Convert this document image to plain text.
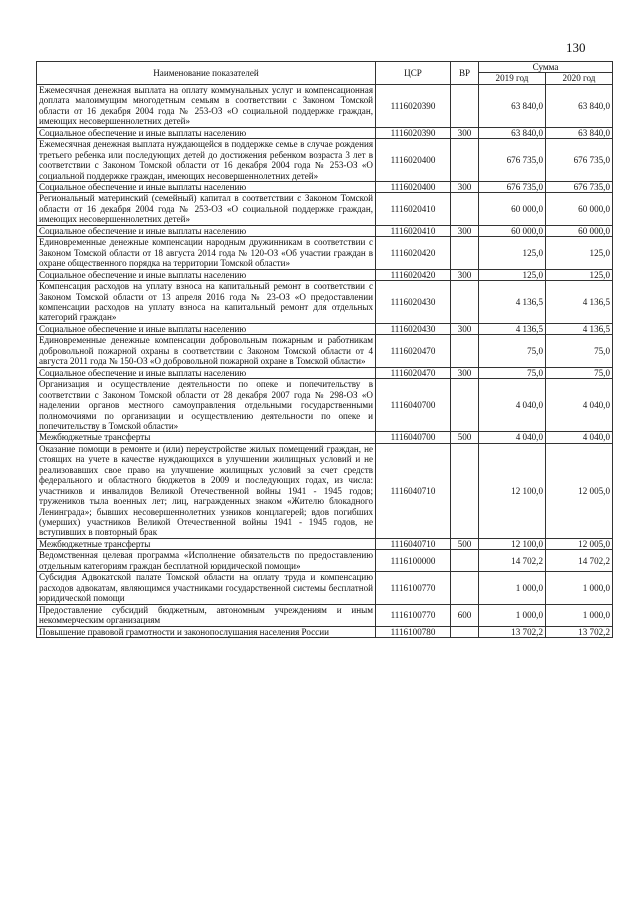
130
Наименование показателей	ЦСР	ВР	Сумма	
			2019 год	2020 год
Ежемесячная денежная выплата на оплату коммунальных услуг и компенсационная доплата малоимущим многодетным семьям в соответствии с Законом Томской области от 16 декабря 2004 года № 253-ОЗ «О социальной поддержке граждан, имеющих несовершеннолетних детей»	1116020390		63 840,0	63 840,0
Социальное обеспечение и иные выплаты населению	1116020390	300	63 840,0	63 840,0
Ежемесячная денежная выплата нуждающейся в поддержке семье в случае рождения третьего ребенка или последующих детей до достижения ребенком возраста 3 лет в соответствии с Законом Томской области от 16 декабря 2004 года № 253-ОЗ «О социальной поддержке граждан, имеющих несовершеннолетних детей»	1116020400		676 735,0	676 735,0
Социальное обеспечение и иные выплаты населению	1116020400	300	676 735,0	676 735,0
Региональный материнский (семейный) капитал в соответствии с Законом Томской области от 16 декабря 2004 года № 253-ОЗ «О социальной поддержке граждан, имеющих несовершеннолетних детей»	1116020410		60 000,0	60 000,0
Социальное обеспечение и иные выплаты населению	1116020410	300	60 000,0	60 000,0
Единовременные денежные компенсации народным дружинникам в соответствии с Законом Томской области от 18 августа 2014 года № 120-ОЗ «Об участии граждан в охране общественного порядка на территории Томской области»	1116020420		125,0	125,0
Социальное обеспечение и иные выплаты населению	1116020420	300	125,0	125,0
Компенсация расходов на уплату взноса на капитальный ремонт в соответствии с Законом Томской области от 13 апреля 2016 года № 23-ОЗ «О предоставлении компенсации расходов на уплату взноса на капитальный ремонт для отдельных категорий граждан»	1116020430		4 136,5	4 136,5
Социальное обеспечение и иные выплаты населению	1116020430	300	4 136,5	4 136,5
Единовременные денежные компенсации добровольным пожарным и работникам добровольной пожарной охраны в соответствии с Законом Томской области от 4 августа 2011 года № 150-ОЗ «О добровольной пожарной охране в Томской области»	1116020470		75,0	75,0
Социальное обеспечение и иные выплаты населению	1116020470	300	75,0	75,0
Организация и осуществление деятельности по опеке и попечительству в соответствии с Законом Томской области от 28 декабря 2007 года № 298-ОЗ «О наделении органов местного самоуправления отдельными государственными полномочиями по организации и осуществлению деятельности по опеке и попечительству в Томской области»	1116040700		4 040,0	4 040,0
Межбюджетные трансферты	1116040700	500	4 040,0	4 040,0
Оказание помощи в ремонте и (или) переустройстве жилых помещений граждан, не стоящих на учете в качестве нуждающихся в улучшении жилищных условий и не реализовавших свое право на улучшение жилищных условий за счет средств федерального и областного бюджетов в 2009 и последующих годах, из числа: участников и инвалидов Великой Отечественной войны 1941 - 1945 годов; тружеников тыла военных лет; лиц, награжденных знаком «Жителю блокадного Ленинграда»; бывших несовершеннолетних узников концлагерей; вдов погибших (умерших) участников Великой Отечественной войны 1941 - 1945 годов, не вступивших в повторный брак	1116040710		12 100,0	12 005,0
Межбюджетные трансферты	1116040710	500	12 100,0	12 005,0
Ведомственная целевая программа «Исполнение обязательств по предоставлению отдельным категориям граждан бесплатной юридической помощи»	1116100000		14 702,2	14 702,2
Субсидия Адвокатской палате Томской области на оплату труда и компенсацию расходов адвокатам, являющимся участниками государственной системы бесплатной юридической помощи	1116100770		1 000,0	1 000,0
Предоставление субсидий бюджетным, автономным учреждениям и иным некоммерческим организациям	1116100770	600	1 000,0	1 000,0
Повышение правовой грамотности и законопослушания населения России	1116100780		13 702,2	13 702,2
